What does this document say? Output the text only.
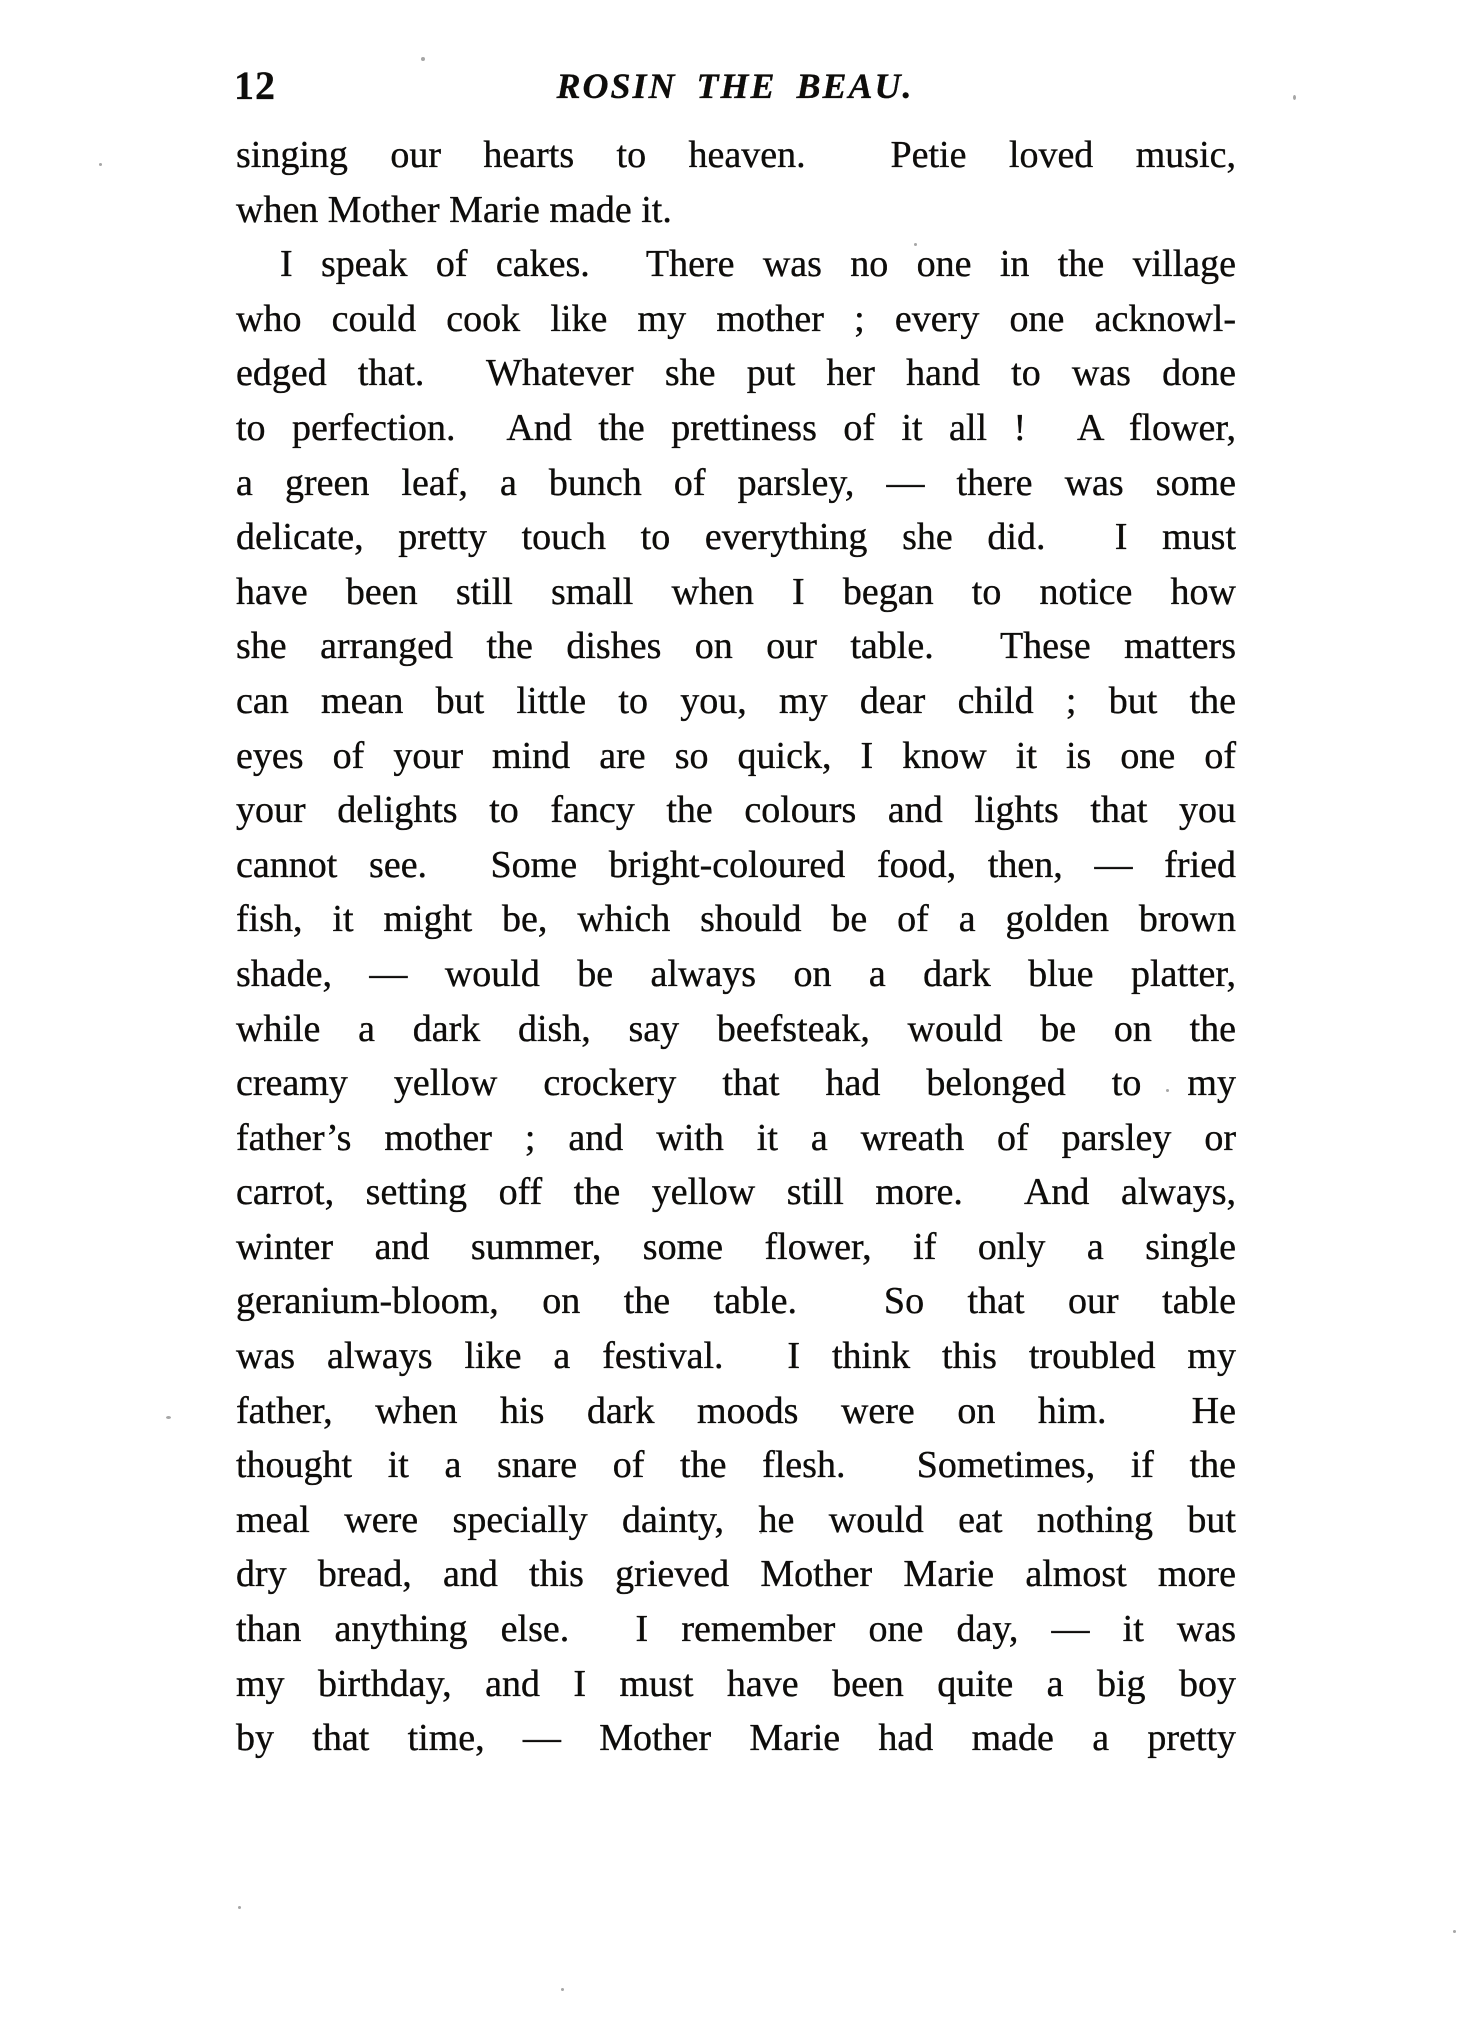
12	ROSIN THE BEAU.
singing our hearts to heaven.  Petie loved music,
when Mother Marie made it.
I speak of cakes.  There was no one in the village
who could cook like my mother ; every one acknowl-
edged that.  Whatever she put her hand to was done
to perfection.  And the prettiness of it all !  A flower,
a green leaf, a bunch of parsley, — there was some
delicate, pretty touch to everything she did.  I must
have been still small when I began to notice how
she arranged the dishes on our table.  These matters
can mean but little to you, my dear child ; but the
eyes of your mind are so quick, I know it is one of
your delights to fancy the colours and lights that you
cannot see.  Some bright-coloured food, then, — fried
fish, it might be, which should be of a golden brown
shade, — would be always on a dark blue platter,
while a dark dish, say beefsteak, would be on the
creamy yellow crockery that had belonged to my
father’s mother ; and with it a wreath of parsley or
carrot, setting off the yellow still more.  And always,
winter and summer, some flower, if only a single
geranium-bloom, on the table.  So that our table
was always like a festival.  I think this troubled my
father, when his dark moods were on him.  He
thought it a snare of the flesh.  Sometimes, if the
meal were specially dainty, he would eat nothing but
dry bread, and this grieved Mother Marie almost more
than anything else.  I remember one day, — it was
my birthday, and I must have been quite a big boy
by that time, — Mother Marie had made a pretty
